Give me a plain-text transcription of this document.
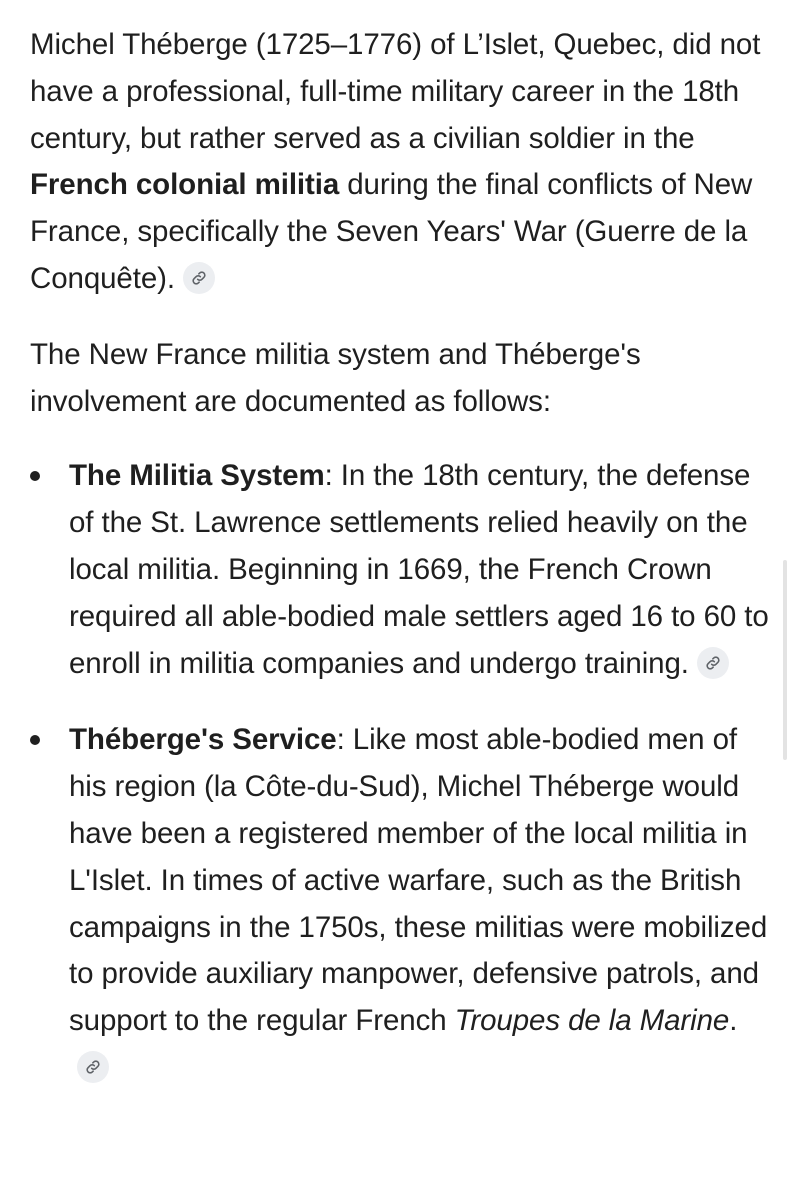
Michel Théberge (1725–1776) of L’Islet, Quebec, did not have a professional, full-time military career in the 18th century, but rather served as a civilian soldier in the French colonial militia during the final conflicts of New France, specifically the Seven Years' War (Guerre de la Conquête).

The New France militia system and Théberge's involvement are documented as follows:

The Militia System: In the 18th century, the defense of the St. Lawrence settlements relied heavily on the local militia. Beginning in 1669, the French Crown required all able-bodied male settlers aged 16 to 60 to enroll in militia companies and undergo training.
Théberge's Service: Like most able-bodied men of his region (la Côte-du-Sud), Michel Théberge would have been a registered member of the local militia in L'Islet. In times of active warfare, such as the British campaigns in the 1750s, these militias were mobilized to provide auxiliary manpower, defensive patrols, and support to the regular French Troupes de la Marine.
